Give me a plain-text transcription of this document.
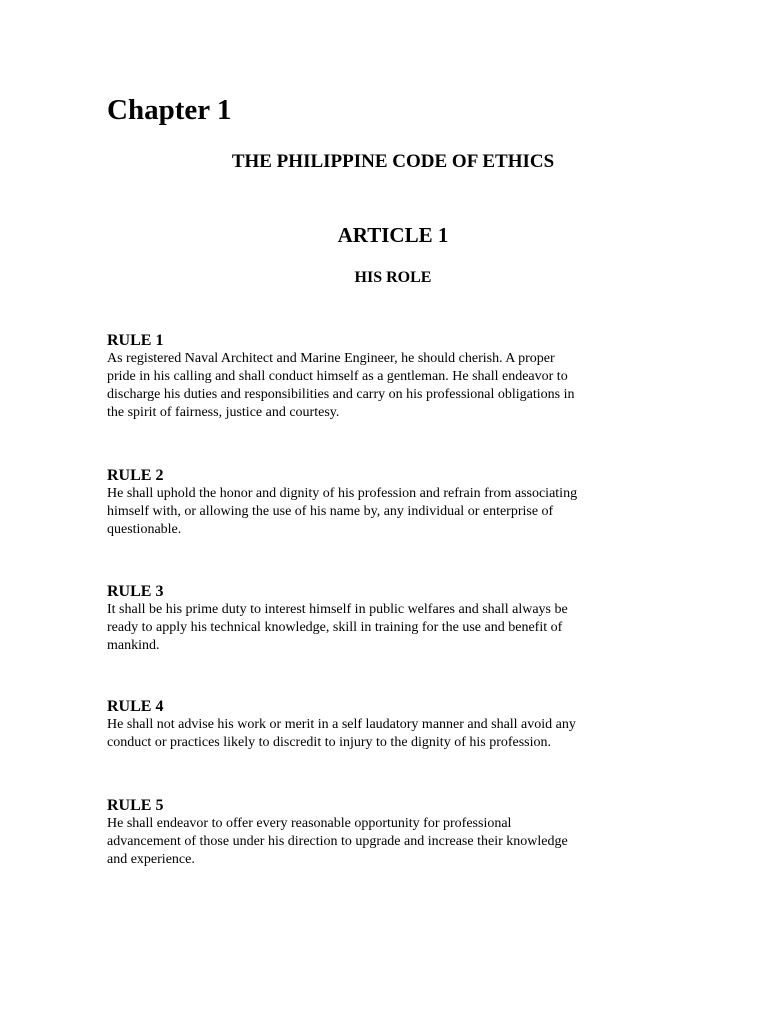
Chapter 1
THE PHILIPPINE CODE OF ETHICS
ARTICLE 1
HIS ROLE
RULE 1

As registered Naval Architect and Marine Engineer, he should cherish. A proper
pride in his calling and shall conduct himself as a gentleman. He shall endeavor to
discharge his duties and responsibilities and carry on his professional obligations in
the spirit of fairness, justice and courtesy.

RULE 2

He shall uphold the honor and dignity of his profession and refrain from associating
himself with, or allowing the use of his name by, any individual or enterprise of
questionable.

RULE 3

It shall be his prime duty to interest himself in public welfares and shall always be
ready to apply his technical knowledge, skill in training for the use and benefit of
mankind.

RULE 4

He shall not advise his work or merit in a self laudatory manner and shall avoid any
conduct or practices likely to discredit to injury to the dignity of his profession.

RULE 5

He shall endeavor to offer every reasonable opportunity for professional
advancement of those under his direction to upgrade and increase their knowledge
and experience.
